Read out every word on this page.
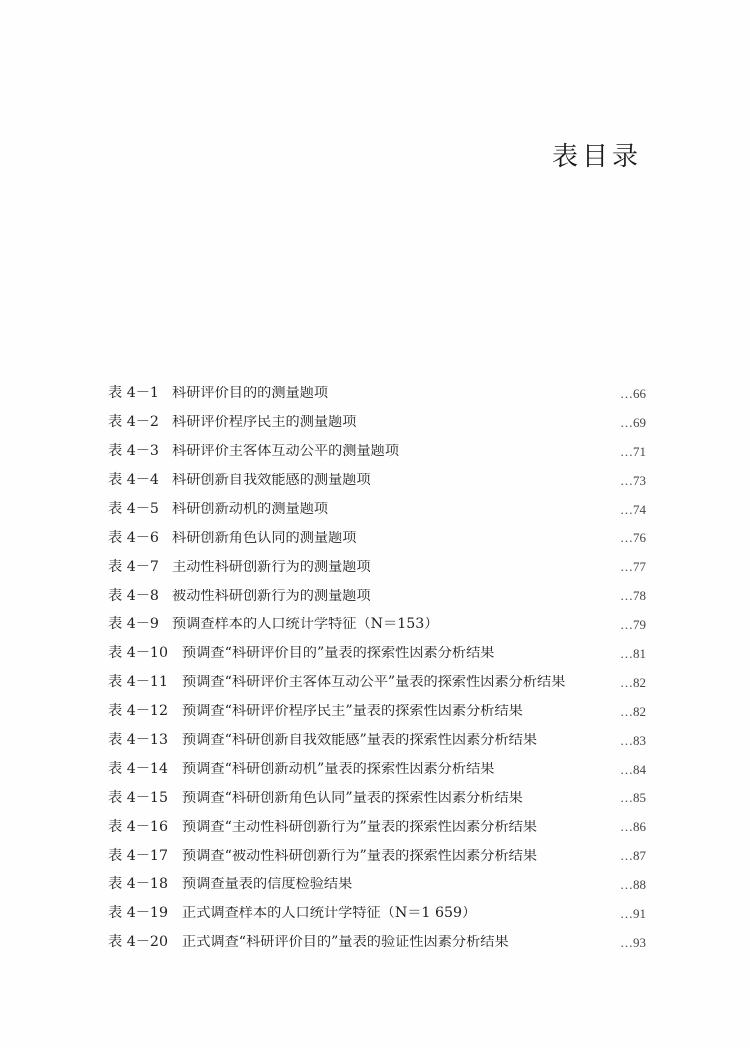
表目录
表 4－1 科研评价目的的测量题项	…66
表 4－2 科研评价程序民主的测量题项	…69
表 4－3 科研评价主客体互动公平的测量题项	…71
表 4－4 科研创新自我效能感的测量题项	…73
表 4－5 科研创新动机的测量题项	…74
表 4－6 科研创新角色认同的测量题项	…76
表 4－7 主动性科研创新行为的测量题项	…77
表 4－8 被动性科研创新行为的测量题项	…78
表 4－9 预调查样本的人口统计学特征（N＝153）	…79
表 4－10 预调查“科研评价目的”量表的探索性因素分析结果	…81
表 4－11 预调查“科研评价主客体互动公平”量表的探索性因素分析结果	…82
表 4－12 预调查“科研评价程序民主”量表的探索性因素分析结果	…82
表 4－13 预调查“科研创新自我效能感”量表的探索性因素分析结果	…83
表 4－14 预调查“科研创新动机”量表的探索性因素分析结果	…84
表 4－15 预调查“科研创新角色认同”量表的探索性因素分析结果	…85
表 4－16 预调查“主动性科研创新行为”量表的探索性因素分析结果	…86
表 4－17 预调查“被动性科研创新行为”量表的探索性因素分析结果	…87
表 4－18 预调查量表的信度检验结果	…88
表 4－19 正式调查样本的人口统计学特征（N＝1 659）	…91
表 4－20 正式调查“科研评价目的”量表的验证性因素分析结果	…93
